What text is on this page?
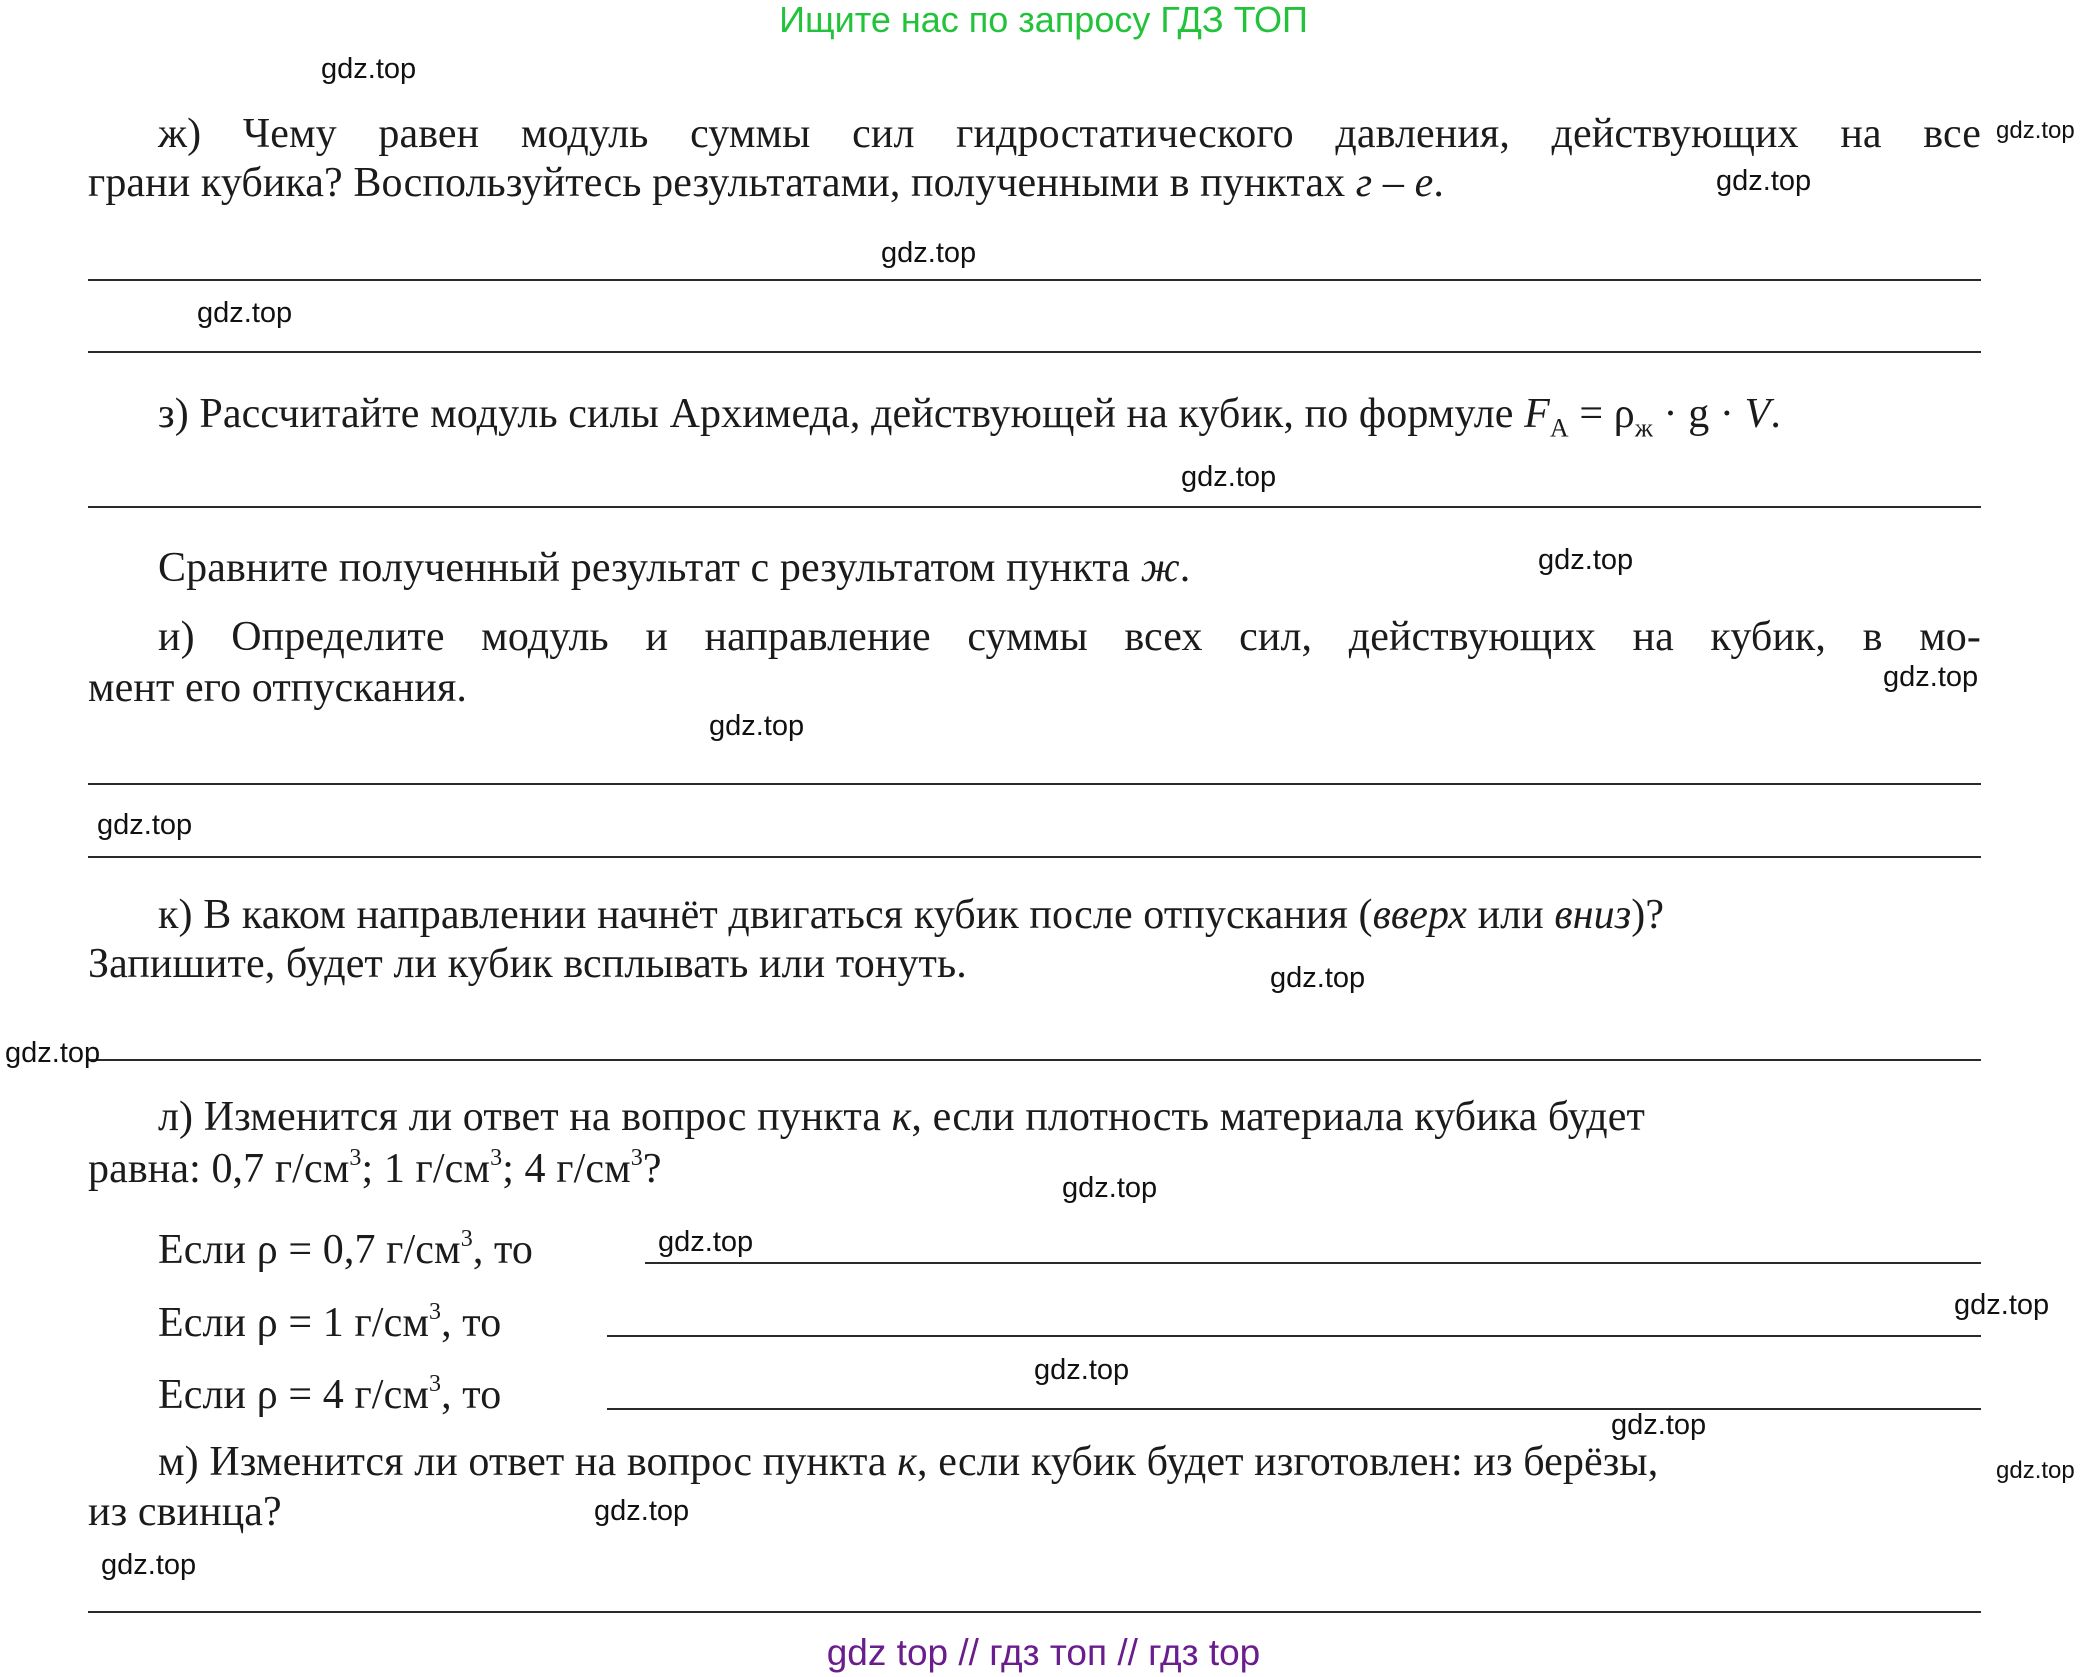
Ищите нас по запросу ГДЗ ТОП
gdz top // гдз топ // гдз top
ж) Чему равен модуль суммы сил гидростатического давления, действующих на все
грани кубика? Воспользуйтесь результатами, полученными в пунктах г – е.
з) Рассчитайте модуль силы Архимеда, действующей на кубик, по формуле $F_A = \rho_ж \cdot g \cdot V$.
Сравните полученный результат с результатом пункта ж.
и) Определите модуль и направление суммы всех сил, действующих на кубик, в мо-
мент его отпускания.
к) В каком направлении начнёт двигаться кубик после отпускания (вверх или вниз)?
Запишите, будет ли кубик всплывать или тонуть.
л) Изменится ли ответ на вопрос пункта к, если плотность материала кубика будет
равна: 0,7 $г/см^3$; 1 $г/см^3$; 4 $г/см^3$?
Если ρ = 0,7 $г/см^3$, то
Если ρ = 1 $г/см^3$, то
Если ρ = 4 $г/см^3$, то
м) Изменится ли ответ на вопрос пункта к, если кубик будет изготовлен: из берёзы,
из свинца?
gdz.top
gdz.top
gdz.top
gdz.top
gdz.top
gdz.top
gdz.top
gdz.top
gdz.top
gdz.top
gdz.top
gdz.top
gdz.top
gdz.top
gdz.top
gdz.top
gdz.top
gdz.top
gdz.top
gdz.top
